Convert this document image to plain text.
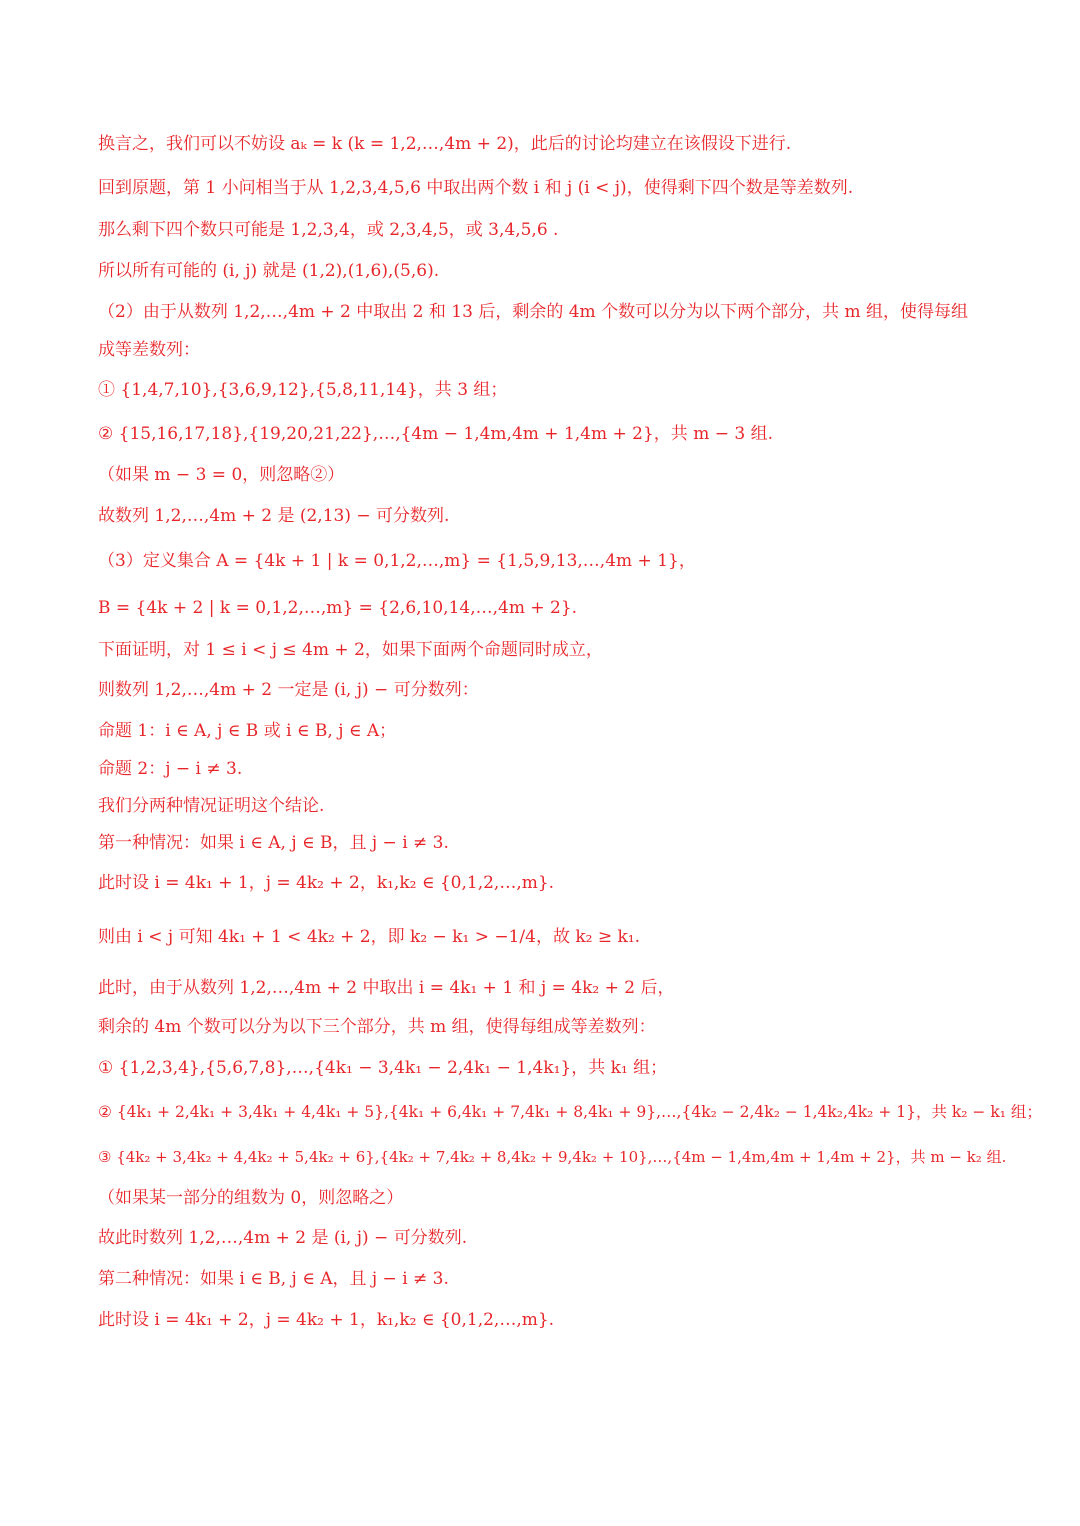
换言之，我们可以不妨设 aₖ = k (k = 1,2,…,4m + 2)，此后的讨论均建立在该假设下进行.
回到原题，第 1 小问相当于从 1,2,3,4,5,6 中取出两个数 i 和 j (i < j)，使得剩下四个数是等差数列.
那么剩下四个数只可能是 1,2,3,4，或 2,3,4,5，或 3,4,5,6 .
所以所有可能的 (i, j) 就是 (1,2),(1,6),(5,6).
（2）由于从数列 1,2,…,4m + 2 中取出 2 和 13 后，剩余的 4m 个数可以分为以下两个部分，共 m 组，使得每组
成等差数列：
① {1,4,7,10},{3,6,9,12},{5,8,11,14}，共 3 组；
② {15,16,17,18},{19,20,21,22},…,{4m − 1,4m,4m + 1,4m + 2}，共 m − 3 组.
（如果 m − 3 = 0，则忽略②）
故数列 1,2,…,4m + 2 是 (2,13) − 可分数列.
（3）定义集合 A = {4k + 1 | k = 0,1,2,…,m} = {1,5,9,13,…,4m + 1}，
B = {4k + 2 | k = 0,1,2,…,m} = {2,6,10,14,…,4m + 2}.
下面证明，对 1 ≤ i < j ≤ 4m + 2，如果下面两个命题同时成立，
则数列 1,2,…,4m + 2 一定是 (i, j) − 可分数列：
命题 1：i ∈ A, j ∈ B 或 i ∈ B, j ∈ A；
命题 2：j − i ≠ 3.
我们分两种情况证明这个结论.
第一种情况：如果 i ∈ A, j ∈ B，且 j − i ≠ 3.
此时设 i = 4k₁ + 1，j = 4k₂ + 2，k₁,k₂ ∈ {0,1,2,…,m}.
则由 i < j 可知 4k₁ + 1 < 4k₂ + 2，即 k₂ − k₁ > −1/4，故 k₂ ≥ k₁.
此时，由于从数列 1,2,…,4m + 2 中取出 i = 4k₁ + 1 和 j = 4k₂ + 2 后，
剩余的 4m 个数可以分为以下三个部分，共 m 组，使得每组成等差数列：
① {1,2,3,4},{5,6,7,8},…,{4k₁ − 3,4k₁ − 2,4k₁ − 1,4k₁}，共 k₁ 组；
② {4k₁ + 2,4k₁ + 3,4k₁ + 4,4k₁ + 5},{4k₁ + 6,4k₁ + 7,4k₁ + 8,4k₁ + 9},…,{4k₂ − 2,4k₂ − 1,4k₂,4k₂ + 1}，共 k₂ − k₁ 组；
③ {4k₂ + 3,4k₂ + 4,4k₂ + 5,4k₂ + 6},{4k₂ + 7,4k₂ + 8,4k₂ + 9,4k₂ + 10},…,{4m − 1,4m,4m + 1,4m + 2}，共 m − k₂ 组.
（如果某一部分的组数为 0，则忽略之）
故此时数列 1,2,…,4m + 2 是 (i, j) − 可分数列.
第二种情况：如果 i ∈ B, j ∈ A，且 j − i ≠ 3.
此时设 i = 4k₁ + 2，j = 4k₂ + 1，k₁,k₂ ∈ {0,1,2,…,m}.
